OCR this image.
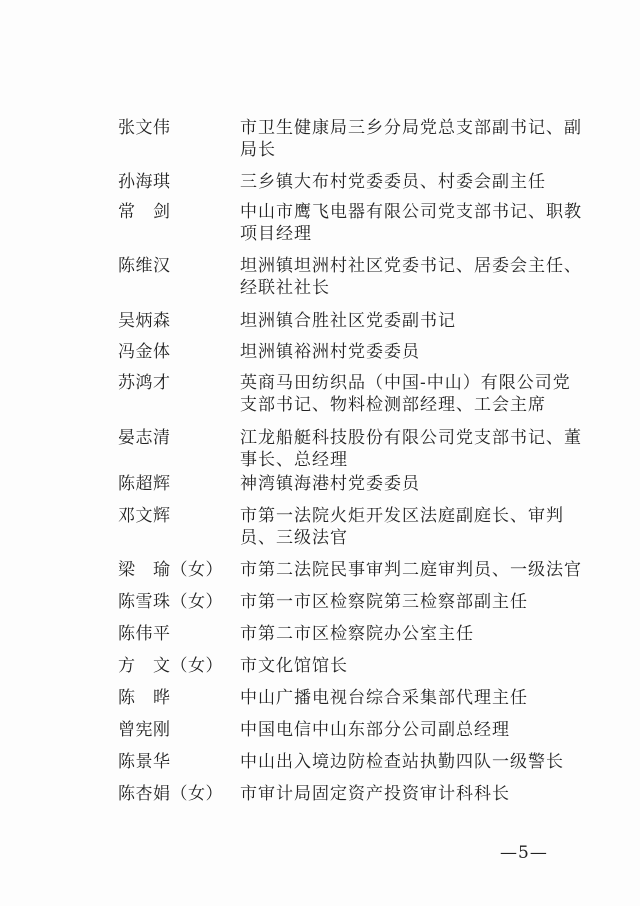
张文伟	市卫生健康局三乡分局党总支部副书记、副局长
孙海琪	三乡镇大布村党委委员、村委会副主任
常　剑	中山市鹰飞电器有限公司党支部书记、职教项目经理
陈维汉	坦洲镇坦洲村社区党委书记、居委会主任、经联社社长
吴炳森	坦洲镇合胜社区党委副书记
冯金体	坦洲镇裕洲村党委委员
苏鸿才	英商马田纺织品（中国-中山）有限公司党支部书记、物料检测部经理、工会主席
晏志清	江龙船艇科技股份有限公司党支部书记、董事长、总经理
陈超辉	神湾镇海港村党委委员
邓文辉	市第一法院火炬开发区法庭副庭长、审判员、三级法官
梁　瑜（女）	市第二法院民事审判二庭审判员、一级法官
陈雪珠（女）	市第一市区检察院第三检察部副主任
陈伟平	市第二市区检察院办公室主任
方　文（女）	市文化馆馆长
陈　晔	中山广播电视台综合采集部代理主任
曾宪刚	中国电信中山东部分公司副总经理
陈景华	中山出入境边防检查站执勤四队一级警长
陈杏娟（女）	市审计局固定资产投资审计科科长
—5—
